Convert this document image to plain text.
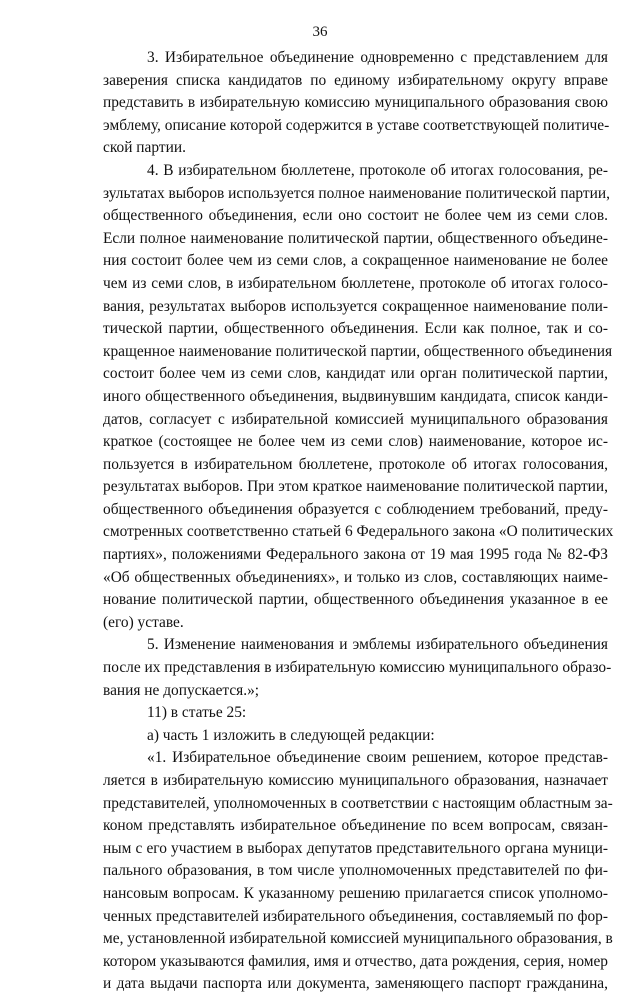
36
3. Избирательное объединение одновременно с представлением для
заверения списка кандидатов по единому избирательному округу вправе
представить в избирательную комиссию муниципального образования свою
эмблему, описание которой содержится в уставе соответствующей политиче-
ской партии.
4. В избирательном бюллетене, протоколе об итогах голосования, ре-
зультатах выборов используется полное наименование политической партии,
общественного объединения, если оно состоит не более чем из семи слов.
Если полное наименование политической партии, общественного объедине-
ния состоит более чем из семи слов, а сокращенное наименование не более
чем из семи слов, в избирательном бюллетене, протоколе об итогах голосо-
вания, результатах выборов используется сокращенное наименование поли-
тической партии, общественного объединения. Если как полное, так и со-
кращенное наименование политической партии, общественного объединения
состоит более чем из семи слов, кандидат или орган политической партии,
иного общественного объединения, выдвинувшим кандидата, список канди-
датов, согласует с избирательной комиссией муниципального образования
краткое (состоящее не более чем из семи слов) наименование, которое ис-
пользуется в избирательном бюллетене, протоколе об итогах голосования,
результатах выборов. При этом краткое наименование политической партии,
общественного объединения образуется с соблюдением требований, преду-
смотренных соответственно статьей 6 Федерального закона «О политических
партиях», положениями Федерального закона от 19 мая 1995 года № 82-ФЗ
«Об общественных объединениях», и только из слов, составляющих наиме-
нование политической партии, общественного объединения указанное в ее
(его) уставе.
5. Изменение наименования и эмблемы избирательного объединения
после их представления в избирательную комиссию муниципального образо-
вания не допускается.»;
11) в статье 25:
а) часть 1 изложить в следующей редакции:
«1. Избирательное объединение своим решением, которое представ-
ляется в избирательную комиссию муниципального образования, назначает
представителей, уполномоченных в соответствии с настоящим областным за-
коном представлять избирательное объединение по всем вопросам, связан-
ным с его участием в выборах депутатов представительного органа муници-
пального образования, в том числе уполномоченных представителей по фи-
нансовым вопросам. К указанному решению прилагается список уполномо-
ченных представителей избирательного объединения, составляемый по фор-
ме, установленной избирательной комиссией муниципального образования, в
котором указываются фамилия, имя и отчество, дата рождения, серия, номер
и дата выдачи паспорта или документа, заменяющего паспорт гражданина,
